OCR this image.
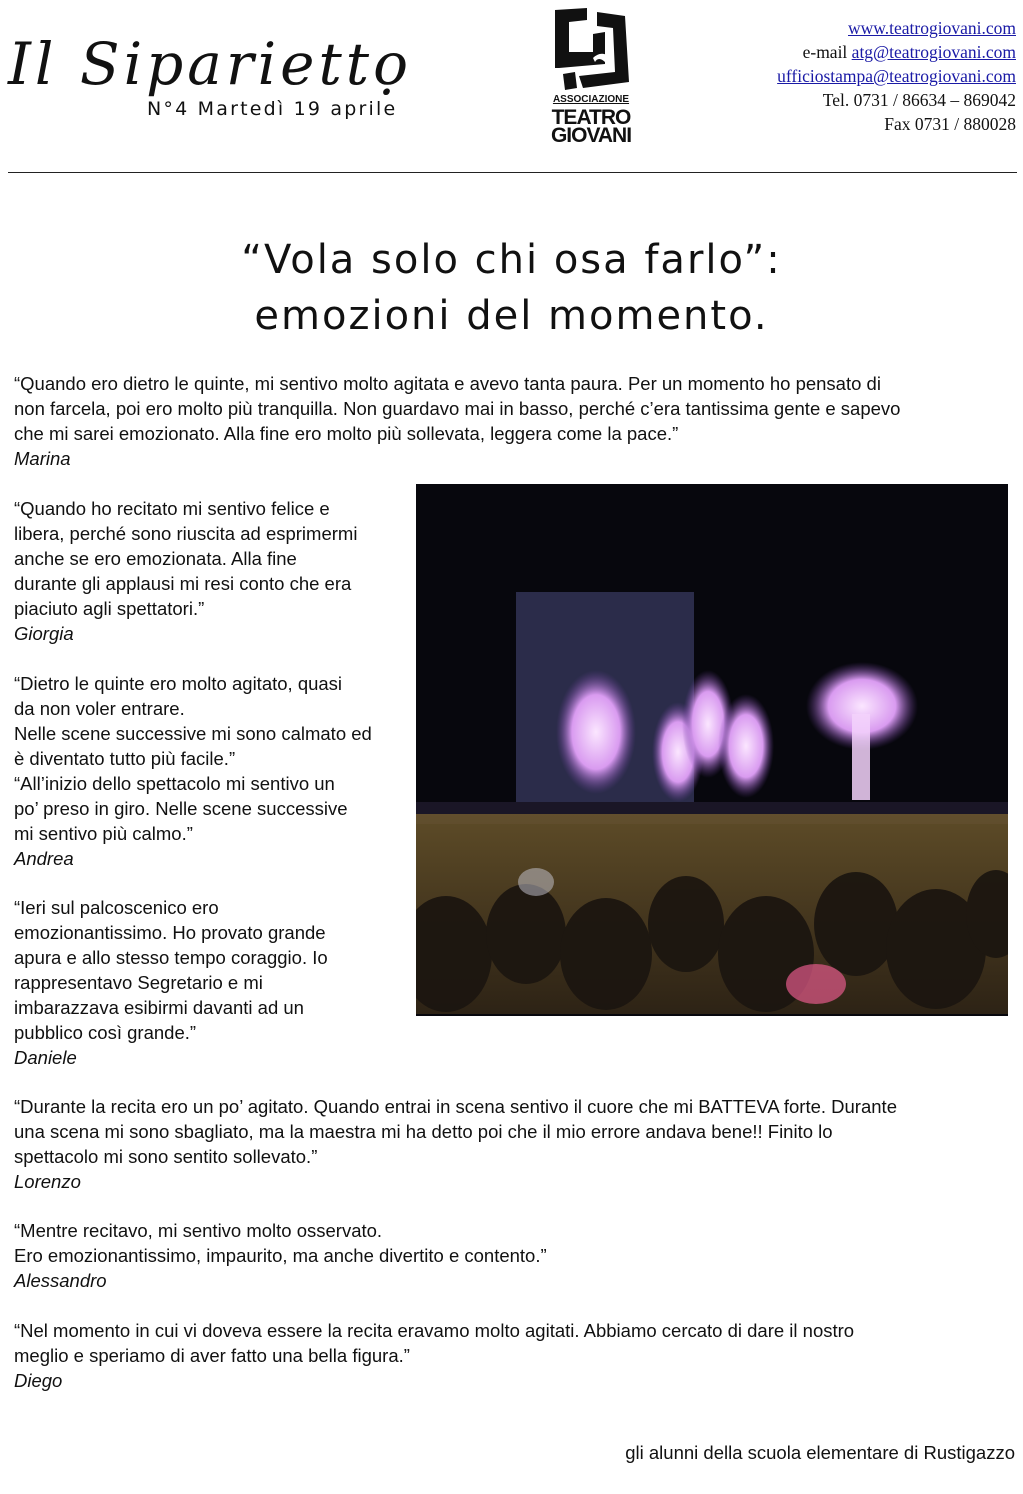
Il Sipariettọ
N°4 Martedì 19 aprile	ASSOCIAZIONE
TEATRO
GIOVANI
www.teatrogiovani.com
e-mail atg@teatrogiovani.com
ufficiostampa@teatrogiovani.com
Tel. 0731 / 86634 – 869042
Fax 0731 / 880028
“Vola solo chi osa farlo”:
emozioni del momento.

“Quando ero dietro le quinte, mi sentivo molto agitata e avevo tanta paura. Per un momento ho pensato di

non farcela, poi ero molto più tranquilla. Non guardavo mai in basso, perché c’era tantissima gente e sapevo

che mi sarei emozionato. Alla fine ero molto più sollevata, leggera come la pace.”

Marina

“Quando ho recitato mi sentivo felice e

libera, perché sono riuscita ad esprimermi

anche se ero emozionata. Alla fine

durante gli applausi mi resi conto che era

piaciuto agli spettatori.”

Giorgia

“Dietro le quinte ero molto agitato, quasi

da non voler entrare.

Nelle scene successive mi sono calmato ed

è diventato tutto più facile.”

“All’inizio dello spettacolo mi sentivo un

po’ preso in giro. Nelle scene successive

mi sentivo più calmo.”

Andrea

“Ieri sul palcoscenico ero

emozionantissimo. Ho provato grande

apura e allo stesso tempo coraggio. Io

rappresentavo Segretario e mi

imbarazzava esibirmi davanti ad un

pubblico così grande.”

Daniele

“Durante la recita ero un po’ agitato. Quando entrai in scena sentivo il cuore che mi BATTEVA forte. Durante

una scena mi sono sbagliato, ma la maestra mi ha detto poi che il mio errore andava bene!! Finito lo

spettacolo mi sono sentito sollevato.”

Lorenzo

“Mentre recitavo, mi sentivo molto osservato.

Ero emozionantissimo, impaurito, ma anche divertito e contento.”

Alessandro

“Nel momento in cui vi doveva essere la recita eravamo molto agitati. Abbiamo cercato di dare il nostro

meglio e speriamo di aver fatto una bella figura.”

Diego

gli alunni della scuola elementare di Rustigazzo
